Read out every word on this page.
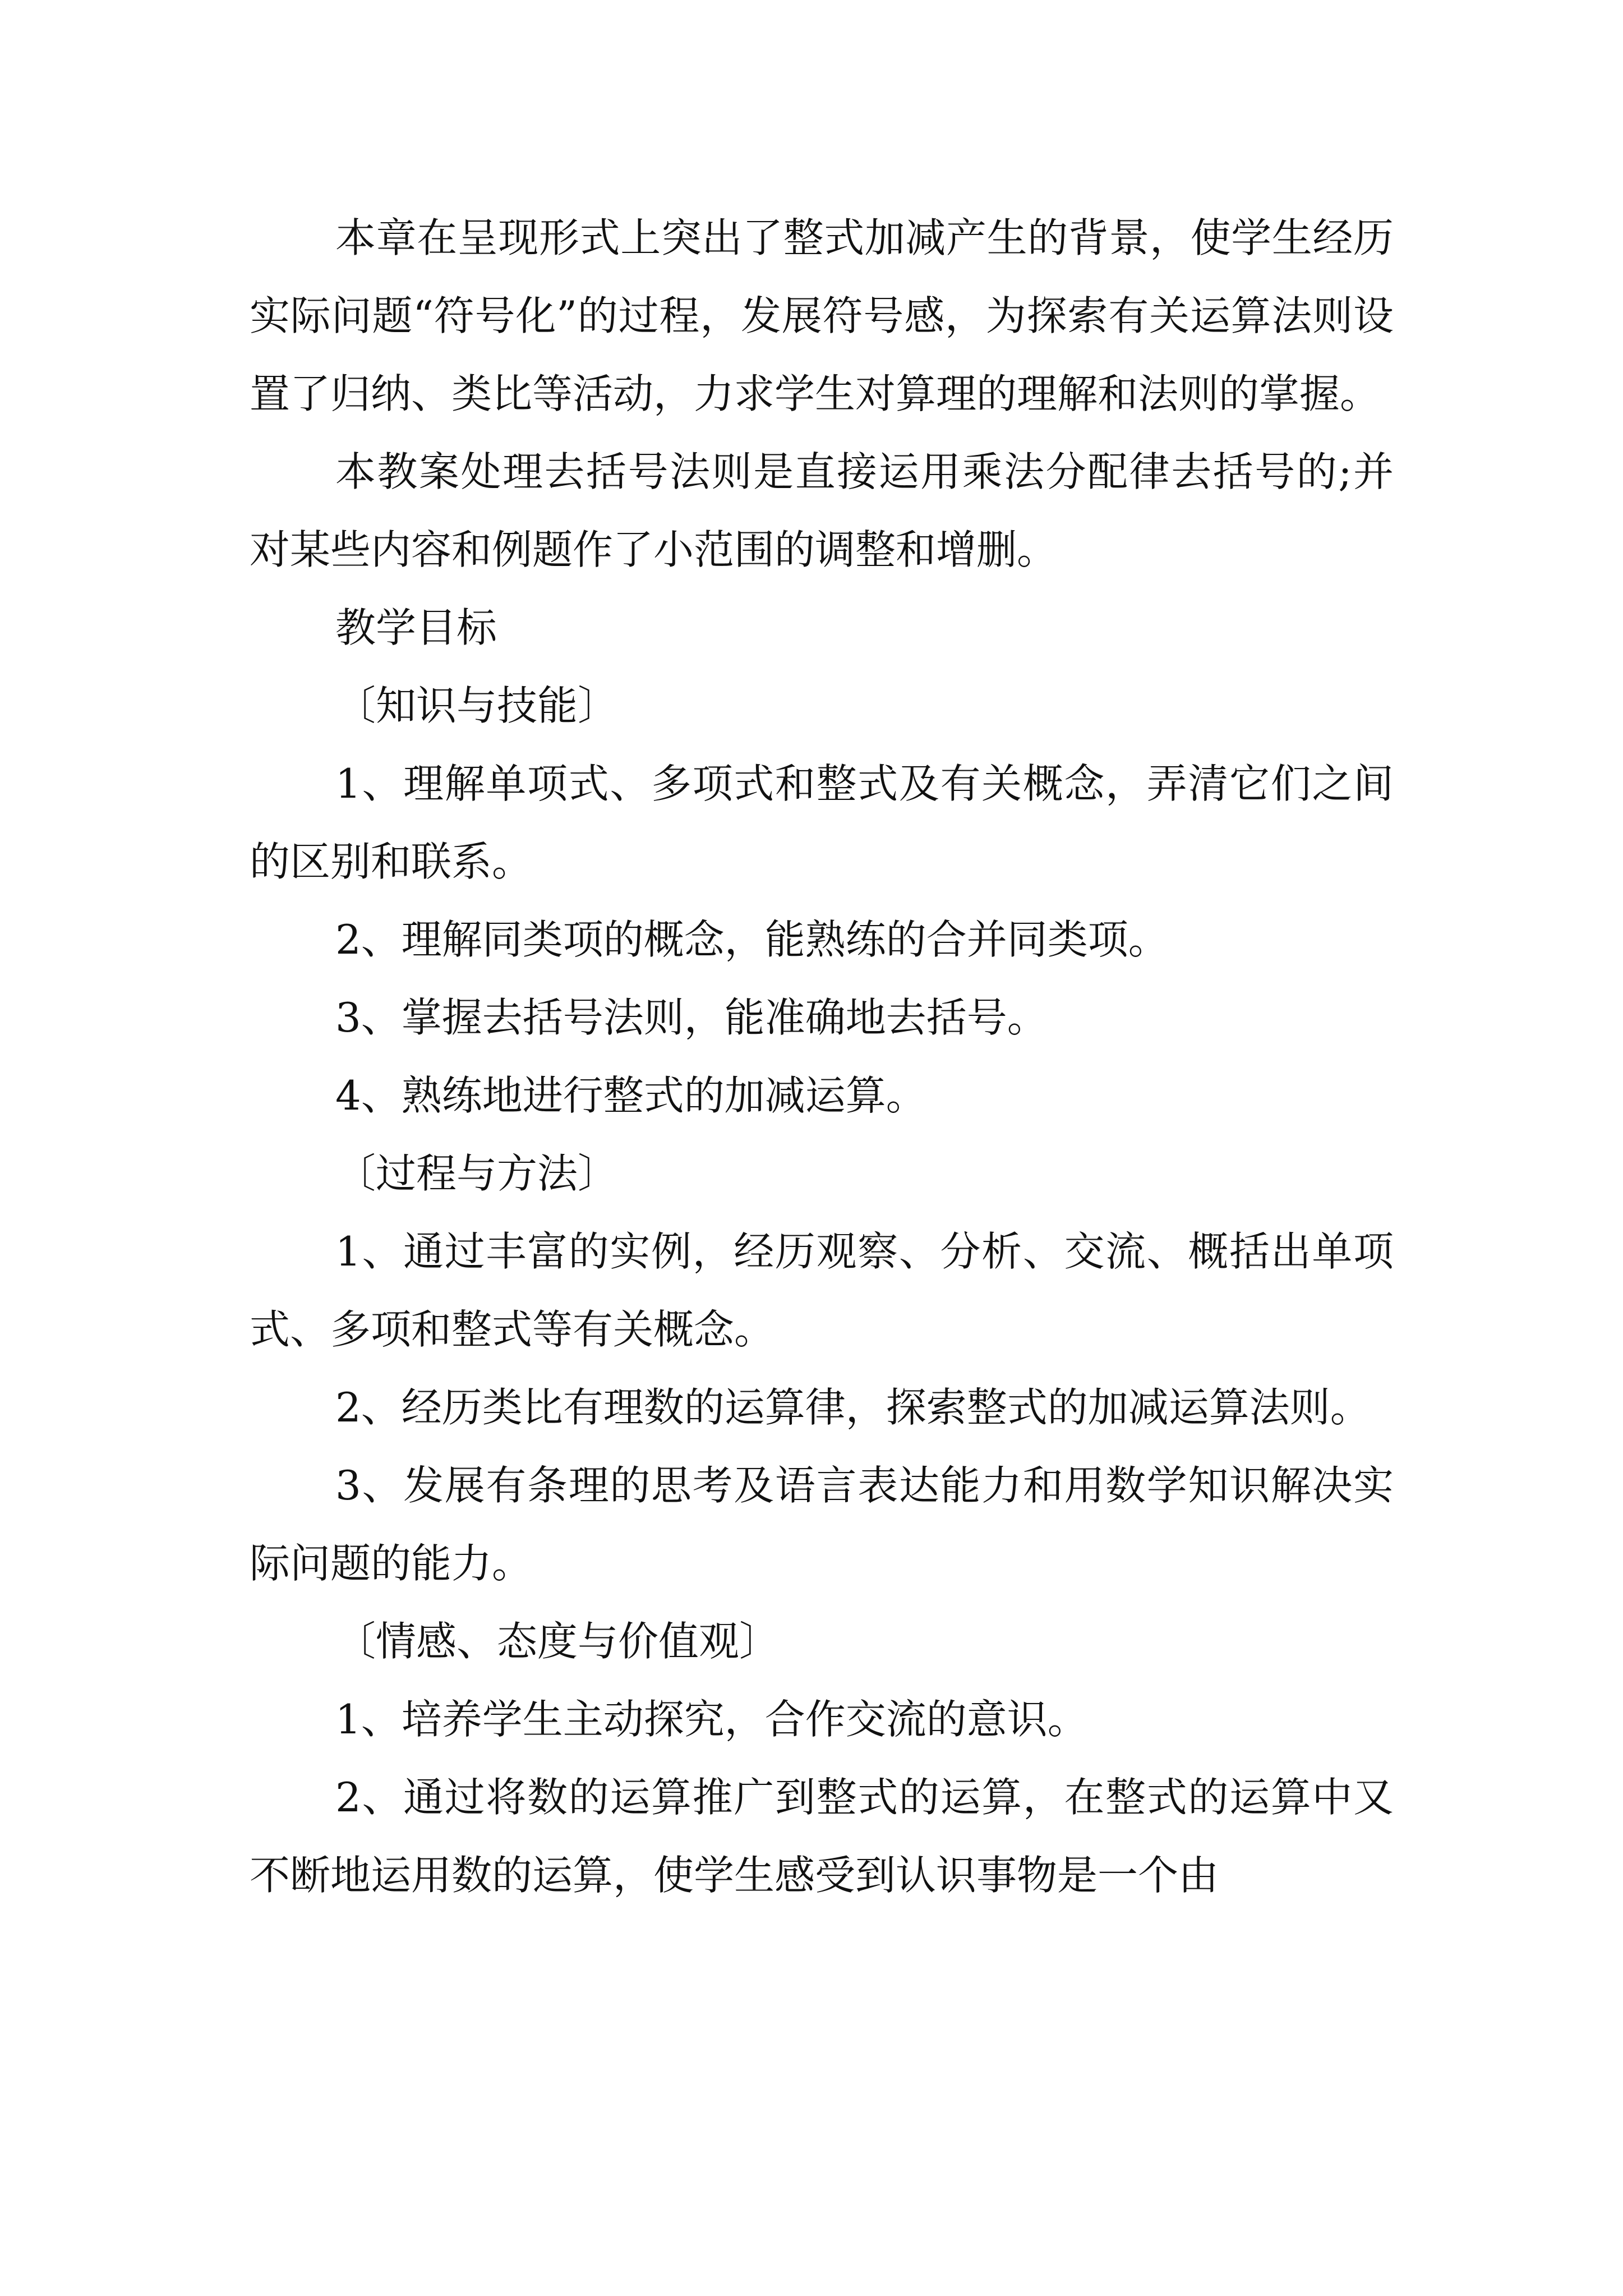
本章在呈现形式上突出了整式加减产生的背景，使学生经历实际问题“符号化”的过程，发展符号感，为探索有关运算法则设置了归纳、类比等活动，力求学生对算理的理解和法则的掌握。

本教案处理去括号法则是直接运用乘法分配律去括号的;并对某些内容和例题作了小范围的调整和增删。

教学目标

〔知识与技能〕

1、理解单项式、多项式和整式及有关概念，弄清它们之间的区别和联系。

2、理解同类项的概念，能熟练的合并同类项。

3、掌握去括号法则，能准确地去括号。

4、熟练地进行整式的加减运算。

〔过程与方法〕

1、通过丰富的实例，经历观察、分析、交流、概括出单项式、多项和整式等有关概念。

2、经历类比有理数的运算律，探索整式的加减运算法则。

3、发展有条理的思考及语言表达能力和用数学知识解决实际问题的能力。

〔情感、态度与价值观〕

1、培养学生主动探究，合作交流的意识。

2、通过将数的运算推广到整式的运算，在整式的运算中又不断地运用数的运算，使学生感受到认识事物是一个由
